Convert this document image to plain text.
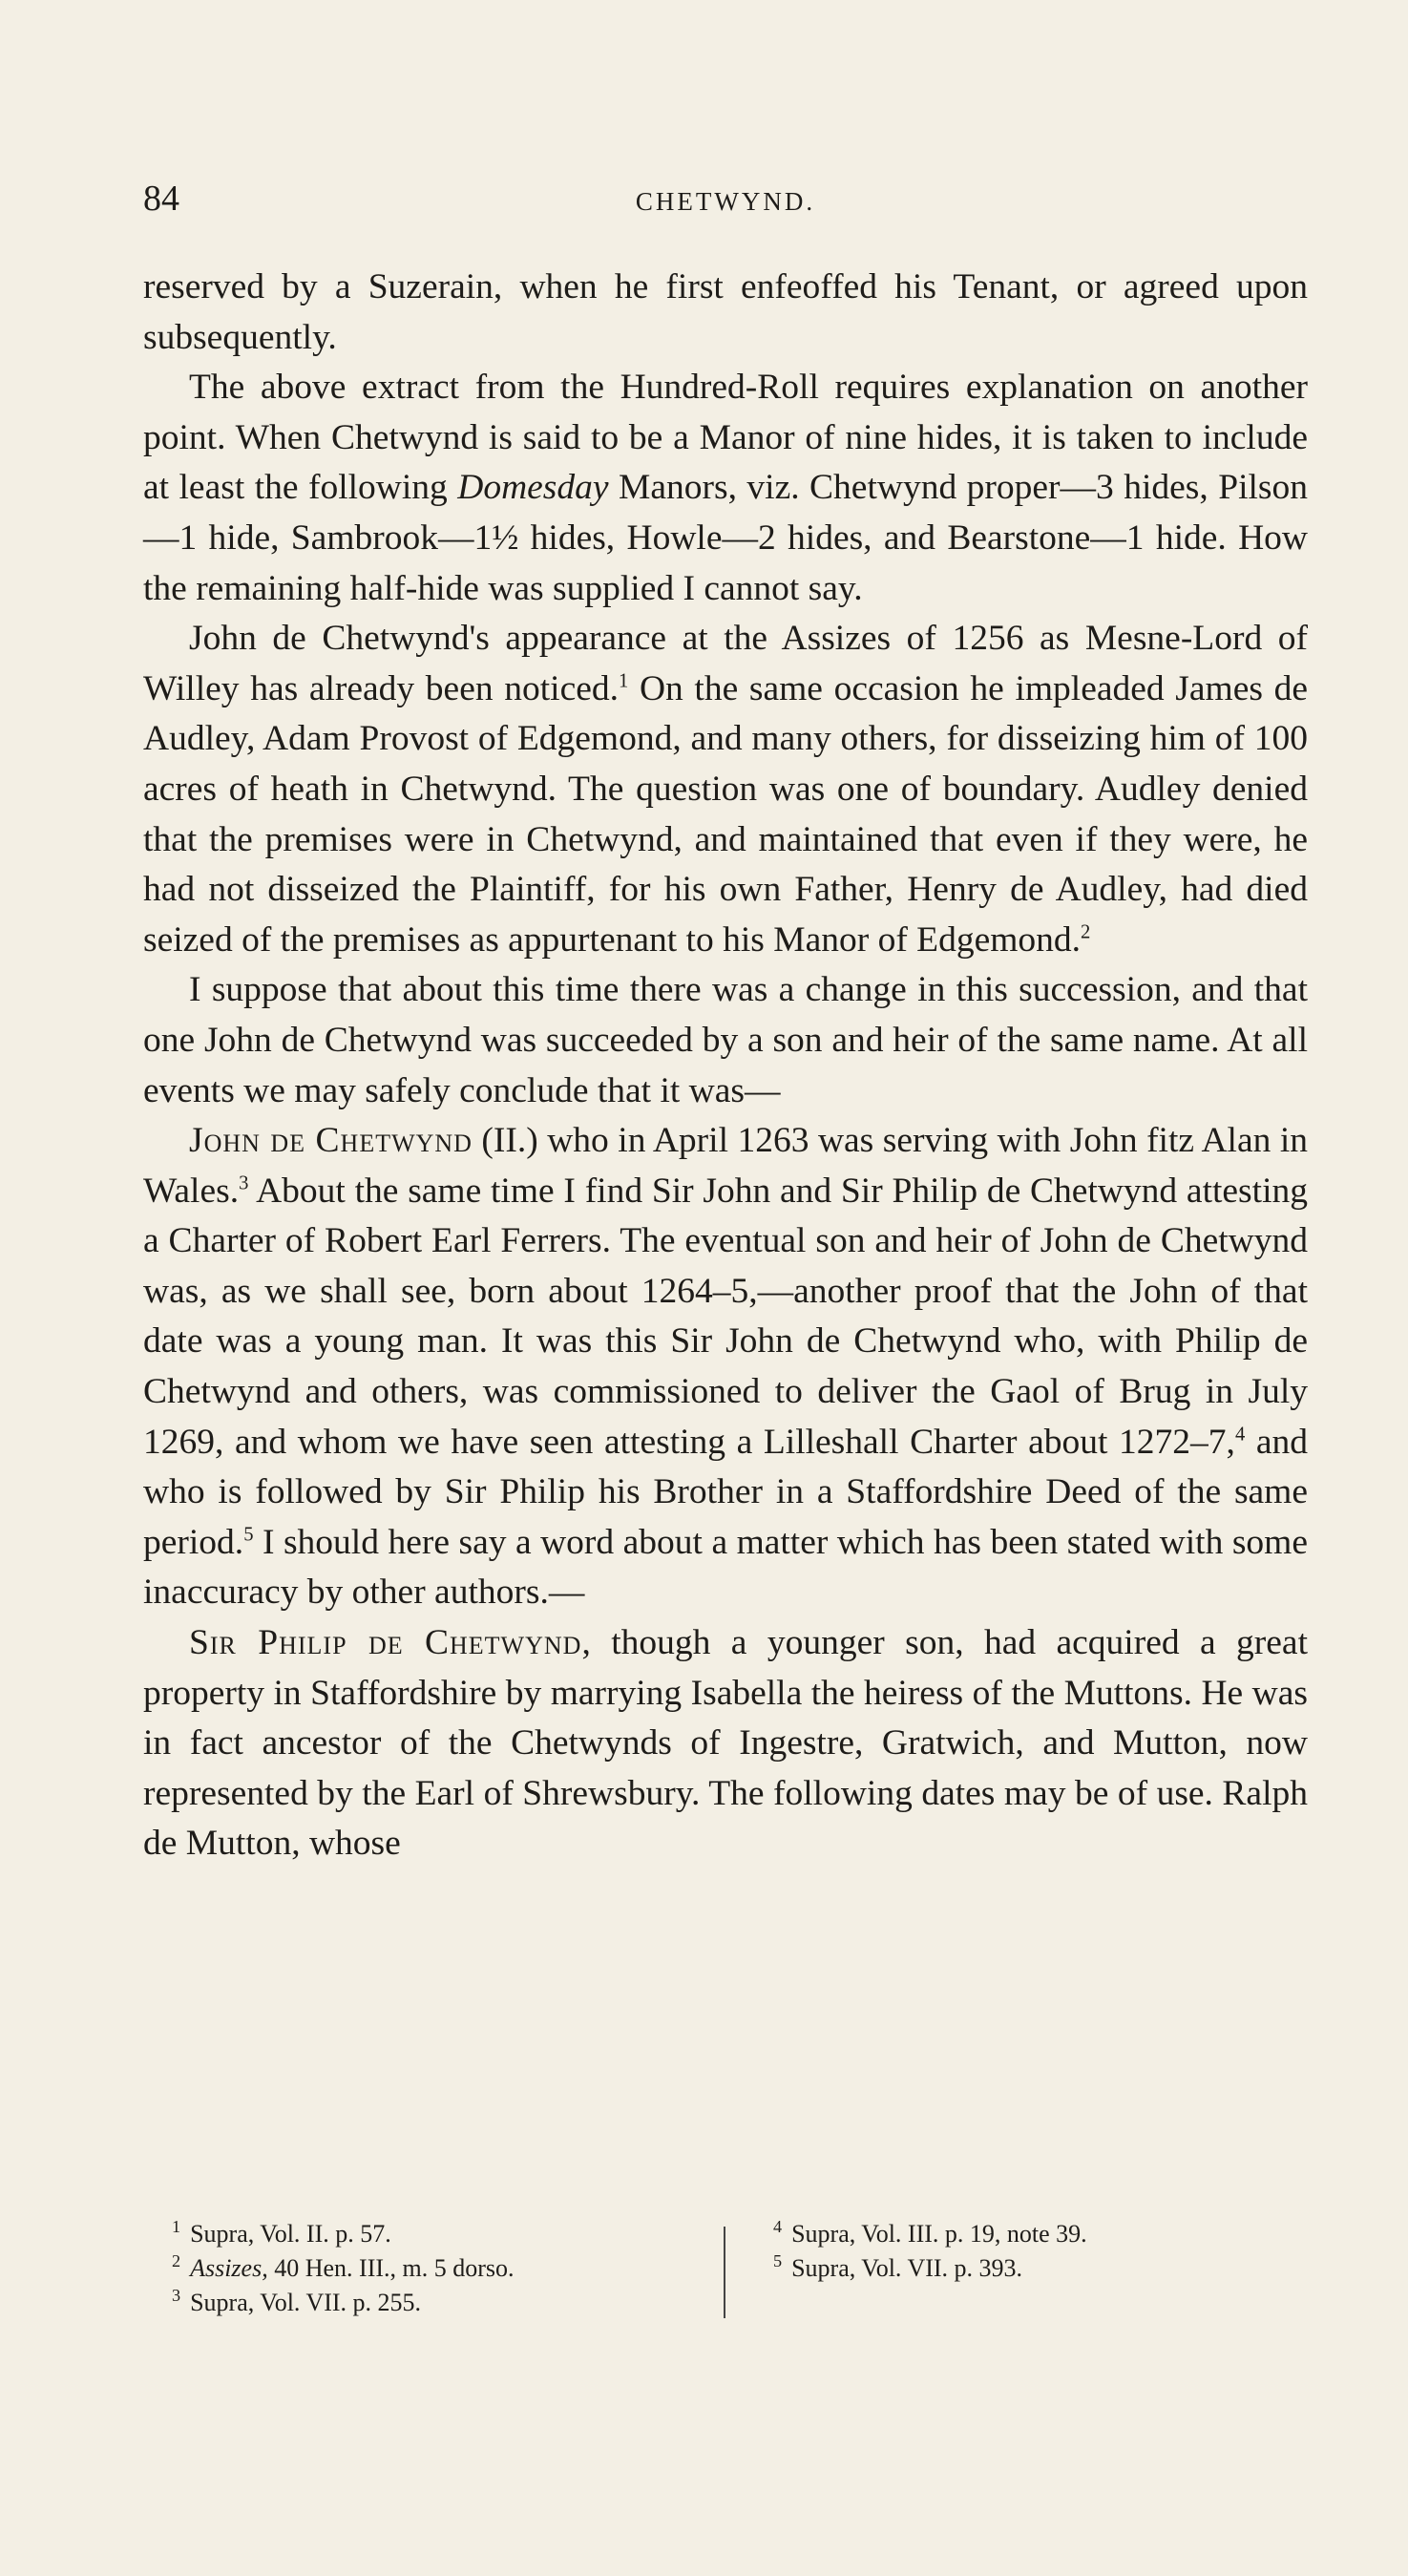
84	CHETWYND.

reserved by a Suzerain, when he first enfeoffed his Tenant, or agreed upon subsequently.

The above extract from the Hundred-Roll requires explanation on another point. When Chetwynd is said to be a Manor of nine hides, it is taken to include at least the following Domesday Manors, viz. Chetwynd proper—3 hides, Pilson—1 hide, Sambrook—1½ hides, Howle—2 hides, and Bearstone—1 hide. How the remaining half-hide was supplied I cannot say.

John de Chetwynd's appearance at the Assizes of 1256 as Mesne-Lord of Willey has already been noticed.$^1$ On the same occasion he impleaded James de Audley, Adam Provost of Edgemond, and many others, for disseizing him of 100 acres of heath in Chetwynd. The question was one of boundary. Audley denied that the premises were in Chetwynd, and maintained that even if they were, he had not disseized the Plaintiff, for his own Father, Henry de Audley, had died seized of the premises as appurtenant to his Manor of Edgemond.$^2$

I suppose that about this time there was a change in this succession, and that one John de Chetwynd was succeeded by a son and heir of the same name. At all events we may safely conclude that it was—

John de Chetwynd (II.) who in April 1263 was serving with John fitz Alan in Wales.$^3$ About the same time I find Sir John and Sir Philip de Chetwynd attesting a Charter of Robert Earl Ferrers. The eventual son and heir of John de Chetwynd was, as we shall see, born about 1264–5,—another proof that the John of that date was a young man. It was this Sir John de Chetwynd who, with Philip de Chetwynd and others, was commissioned to deliver the Gaol of Brug in July 1269, and whom we have seen attesting a Lilleshall Charter about 1272–7,$^4$ and who is followed by Sir Philip his Brother in a Staffordshire Deed of the same period.$^5$ I should here say a word about a matter which has been stated with some inaccuracy by other authors.—

Sir Philip de Chetwynd, though a younger son, had acquired a great property in Staffordshire by marrying Isabella the heiress of the Muttons. He was in fact ancestor of the Chetwynds of Ingestre, Gratwich, and Mutton, now represented by the Earl of Shrewsbury. The following dates may be of use. Ralph de Mutton, whose

$^1$ Supra, Vol. II. p. 57.
$^2$ Assizes, 40 Hen. III., m. 5 dorso.
$^3$ Supra, Vol. VII. p. 255.
$^4$ Supra, Vol. III. p. 19, note 39.
$^5$ Supra, Vol. VII. p. 393.
